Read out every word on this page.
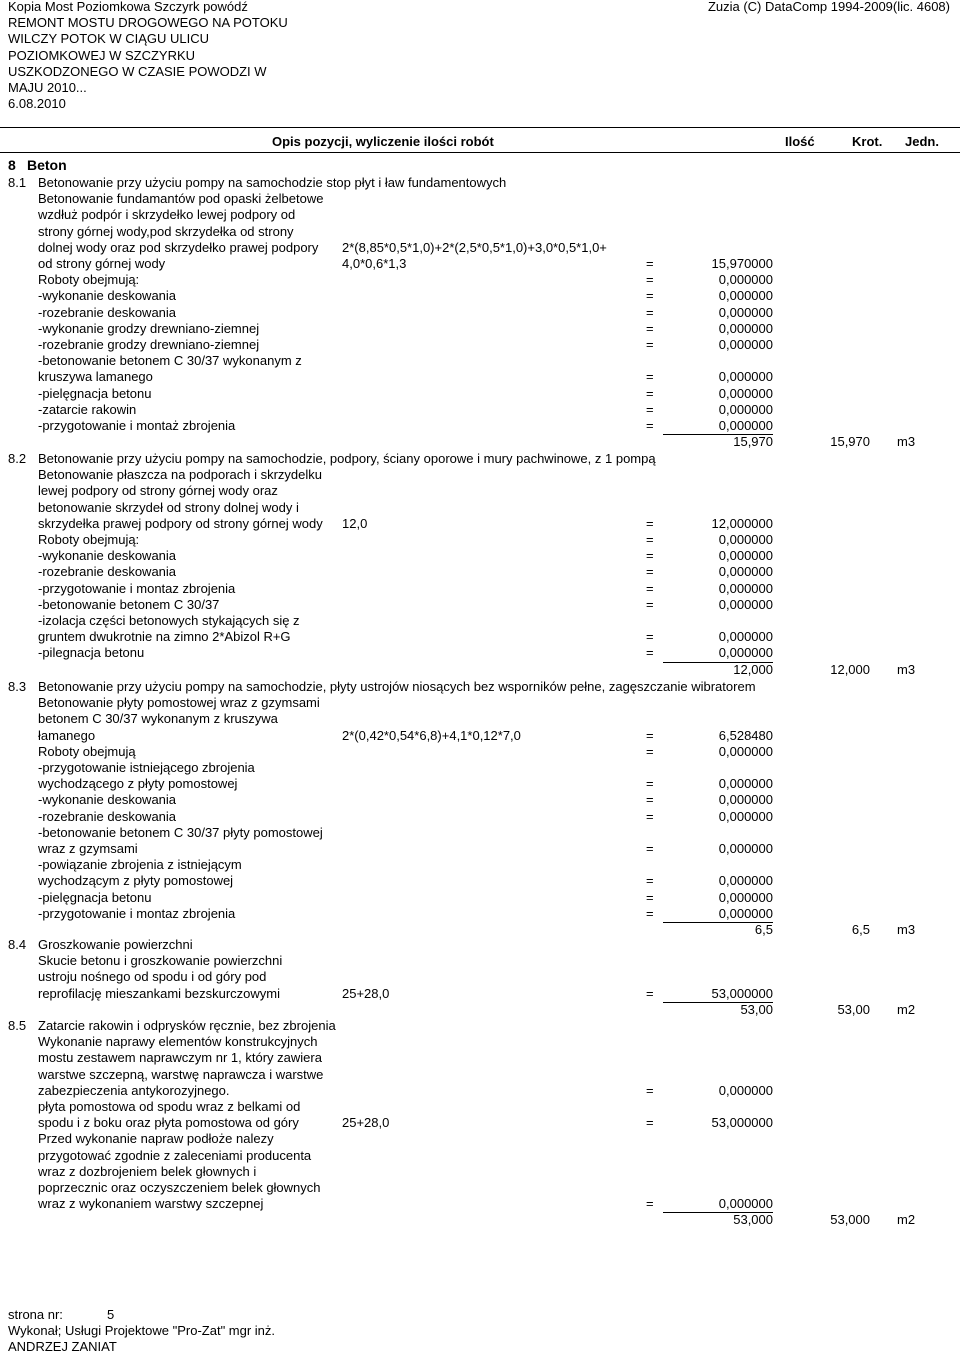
Kopia Most Poziomkowa Szczyrk powódź
REMONT MOSTU DROGOWEGO NA POTOKU
WILCZY POTOK W CIĄGU ULICU
POZIOMKOWEJ W SZCZYRKU
USZKODZONEGO W CZASIE POWODZI W
MAJU 2010...
6.08.2010
Zuzia (C) DataComp 1994-2009(lic. 4608)
Opis pozycji, wyliczenie ilości robót	Ilość	Krot. Jedn.
8 Beton
8.1 Betonowanie przy użyciu pompy na samochodzie stop płyt i ław fundamentowych
Betonowanie fundamantów pod opaski żelbetowe
wzdłuż podpór i skrzydełko lewej podpory od
strony górnej wody,pod skrzydełka od strony
dolnej wody oraz pod skrzydełko prawej podpory 2*(8,85*0,5*1,0)+2*(2,5*0,5*1,0)+3,0*0,5*1,0+
od strony górnej wody	4,0*0,6*1,3	=	15,970000
Roboty obejmują:	=	0,000000
-wykonanie deskowania	=	0,000000
-rozebranie deskowania	=	0,000000
-wykonanie grodzy drewniano-ziemnej	=	0,000000
-rozebranie grodzy drewniano-ziemnej	=	0,000000
-betonowanie betonem C 30/37 wykonanym z
kruszywa lamanego	=	0,000000
-pielęgnacja betonu	=	0,000000
-zatarcie rakowin	=	0,000000
-przygotowanie i montaż zbrojenia	=	0,000000
15,970	15,970 m3
8.2 Betonowanie przy użyciu pompy na samochodzie, podpory, ściany oporowe i mury pachwinowe, z 1 pompą
Betonowanie płaszcza na podporach i skrzydelku
lewej podpory od strony górnej wody oraz
betonowanie skrzydeł od strony dolnej wody i
skrzydełka prawej podpory od strony górnej wody 12,0	=	12,000000
Roboty obejmują:	=	0,000000
-wykonanie deskowania	=	0,000000
-rozebranie deskowania	=	0,000000
-przygotowanie i montaz zbrojenia	=	0,000000
-betonowanie betonem C 30/37	=	0,000000
-izolacja części betonowych stykających się z
gruntem dwukrotnie na zimno 2*Abizol R+G	=	0,000000
-pilegnacja betonu	=	0,000000
12,000	12,000 m3
8.3 Betonowanie przy użyciu pompy na samochodzie, płyty ustrojów niosących bez wsporników pełne, zagęszczanie wibratorem
Betonowanie płyty pomostowej wraz z gzymsami
betonem C 30/37 wykonanym z kruszywa
łamanego	2*(0,42*0,54*6,8)+4,1*0,12*7,0	=	6,528480
Roboty obejmują	=	0,000000
-przygotowanie istniejącego zbrojenia
wychodzącego z płyty pomostowej	=	0,000000
-wykonanie deskowania	=	0,000000
-rozebranie deskowania	=	0,000000
-betonowanie betonem C 30/37 płyty pomostowej
wraz z gzymsami	=	0,000000
-powiązanie zbrojenia z istniejącym
wychodzącym z płyty pomostowej	=	0,000000
-pielęgnacja betonu	=	0,000000
-przygotowanie i montaz zbrojenia	=	0,000000
6,5	6,5 m3
8.4 Groszkowanie powierzchni
Skucie betonu i groszkowanie powierzchni
ustroju nośnego od spodu i od góry pod
reprofilację mieszankami bezskurczowymi	25+28,0	=	53,000000
53,00	53,00 m2
8.5 Zatarcie rakowin i odprysków ręcznie, bez zbrojenia
Wykonanie naprawy elementów konstrukcyjnych
mostu zestawem naprawczym nr 1, który zawiera
warstwe szczepną, warstwę naprawcza i warstwe
zabezpieczenia antykorozyjnego.	=	0,000000
płyta pomostowa od spodu wraz z belkami od
spodu i z boku oraz płyta pomostowa od góry	25+28,0	=	53,000000
Przed wykonanie napraw podłoże nalezy
przygotować zgodnie z zaleceniami producenta
wraz z dozbrojeniem belek głownych i
poprzecznic oraz oczyszczeniem belek głownych
wraz z wykonaniem warstwy szczepnej	=	0,000000
53,000	53,000 m2
strona nr:	5
Wykonał; Usługi Projektowe "Pro-Zat" mgr inż.
ANDRZEJ ZANIAT
